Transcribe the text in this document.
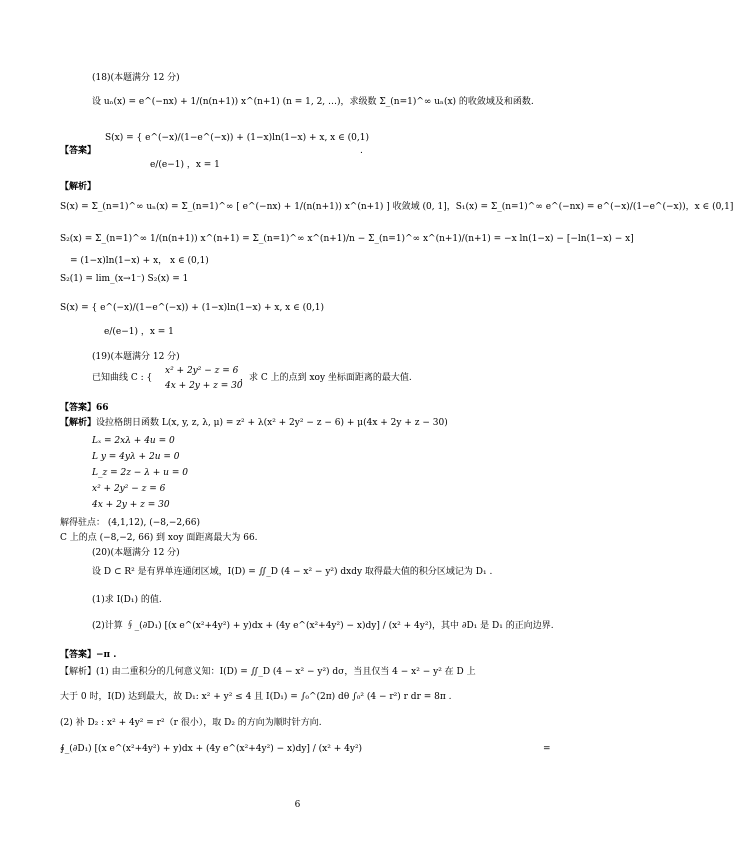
(18)(本题满分 12 分)
设 uₙ(x) = e^(−nx) + 1/(n(n+1)) x^(n+1) (n = 1, 2, …)，求级数 Σ_(n=1)^∞ uₙ(x) 的收敛域及和函数.
【答案】
S(x) = { e^(−x)/(1−e^(−x)) + (1−x)ln(1−x) + x, x ∈ (0,1)
e/(e−1) ，x = 1
.
【解析】
S(x) = Σ_(n=1)^∞ uₙ(x) = Σ_(n=1)^∞ [ e^(−nx) + 1/(n(n+1)) x^(n+1) ] 收敛域 (0, 1]，S₁(x) = Σ_(n=1)^∞ e^(−nx) = e^(−x)/(1−e^(−x))，x ∈ (0,1]
S₂(x) = Σ_(n=1)^∞ 1/(n(n+1)) x^(n+1) = Σ_(n=1)^∞ x^(n+1)/n − Σ_(n=1)^∞ x^(n+1)/(n+1) = −x ln(1−x) − [−ln(1−x) − x]
= (1−x)ln(1−x) + x， x ∈ (0,1)
S₂(1) = lim_(x→1⁻) S₂(x) = 1
S(x) = { e^(−x)/(1−e^(−x)) + (1−x)ln(1−x) + x, x ∈ (0,1)
e/(e−1) ，x = 1
(19)(本题满分 12 分)
已知曲线 C : {
x² + 2y² − z = 6
4x + 2y + z = 30
，求 C 上的点到 xoy 坐标面距离的最大值.
【答案】66
【解析】设拉格朗日函数 L(x, y, z, λ, μ) = z² + λ(x² + 2y² − z − 6) + μ(4x + 2y + z − 30)
Lₓ = 2xλ + 4u = 0
L y = 4yλ + 2u = 0
L_z = 2z − λ + u = 0
x² + 2y² − z = 6
4x + 2y + z = 30
解得驻点： (4,1,12), (−8,−2,66)
C 上的点 (−8,−2, 66) 到 xoy 面距离最大为 66.
(20)(本题满分 12 分)
设 D ⊂ R² 是有界单连通闭区域，I(D) = ∬_D (4 − x² − y²) dxdy 取得最大值的积分区域记为 D₁ .
(1)求 I(D₁) 的值.
(2)计算 ∮_(∂D₁) [(x e^(x²+4y²) + y)dx + (4y e^(x²+4y²) − x)dy] / (x² + 4y²)，其中 ∂D₁ 是 D₁ 的正向边界.
【答案】−π .
【解析】(1) 由二重积分的几何意义知：I(D) = ∬_D (4 − x² − y²) dσ，当且仅当 4 − x² − y² 在 D 上
大于 0 时，I(D) 达到最大，故 D₁: x² + y² ≤ 4 且 I(D₁) = ∫₀^(2π) dθ ∫₀² (4 − r²) r dr = 8π .
(2) 补 D₂ : x² + 4y² = r²（r 很小），取 D₂ 的方向为顺时针方向.
∮_(∂D₁) [(x e^(x²+4y²) + y)dx + (4y e^(x²+4y²) − x)dy] / (x² + 4y²)	=
6
